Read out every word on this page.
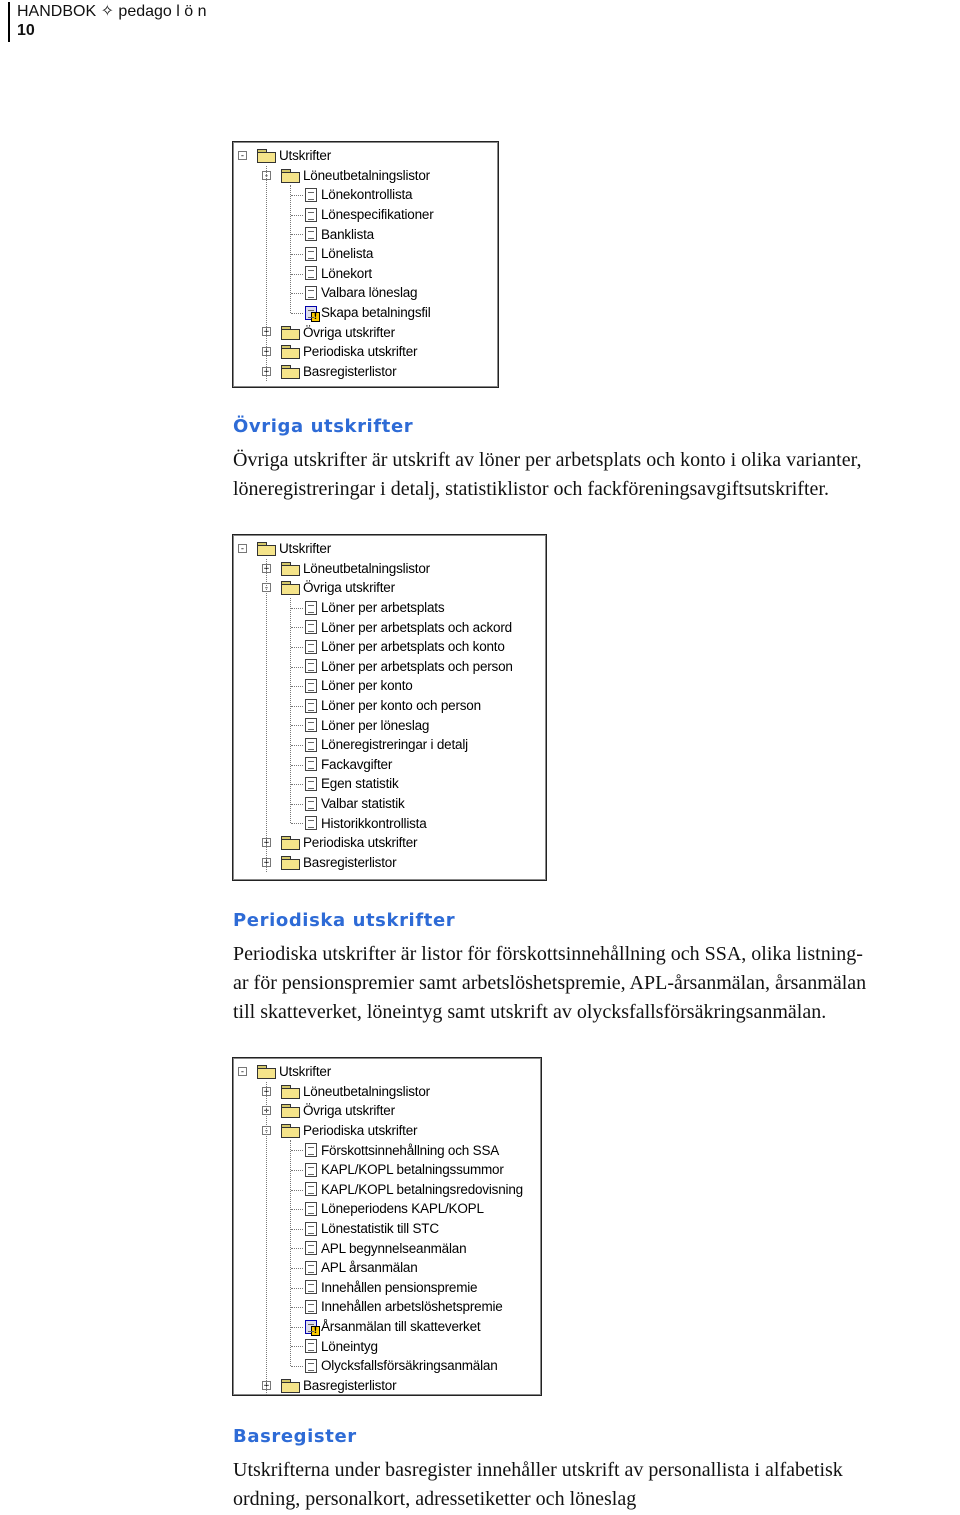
HANDBOK ✧ pedago l ö n
10
Utskrifter
-
Löneutbetalningslistor
-
Lönekontrollista
Lönespecifikationer
Banklista
Lönelista
Lönekort
Valbara löneslag
!
Skapa betalningsfil
Övriga utskrifter
+
Periodiska utskrifter
+
Basregisterlistor
+
Utskrifter
-
Löneutbetalningslistor
+
Övriga utskrifter
-
Löner per arbetsplats
Löner per arbetsplats och ackord
Löner per arbetsplats och konto
Löner per arbetsplats och person
Löner per konto
Löner per konto och person
Löner per löneslag
Löneregistreringar i detalj
Fackavgifter
Egen statistik
Valbar statistik
Historikkontrollista
Periodiska utskrifter
+
Basregisterlistor
+
Utskrifter
-
Löneutbetalningslistor
+
Övriga utskrifter
+
Periodiska utskrifter
-
Förskottsinnehållning och SSA
KAPL/KOPL betalningssummor
KAPL/KOPL betalningsredovisning
Löneperiodens KAPL/KOPL
Lönestatistik till STC
APL begynnelseanmälan
APL årsanmälan
Innehållen pensionspremie
Innehållen arbetslöshetspremie
!
Årsanmälan till skatteverket
Löneintyg
Olycksfallsförsäkringsanmälan
Basregisterlistor
+
Övriga utskrifter
Övriga utskrifter är utskrift av löner per arbetsplats och konto i olika varianter,
löneregistreringar i detalj, statistiklistor och fackföreningsavgiftsutskrifter.
Periodiska utskrifter
Periodiska utskrifter är listor för förskottsinnehållning och SSA, olika listning-
ar för pensionspremier samt arbetslöshetspremie, APL-årsanmälan, årsanmälan
till skatteverket, löneintyg samt utskrift av olycksfallsförsäkringsanmälan.
Basregister
Utskrifterna under basregister innehåller utskrift av personallista i alfabetisk
ordning, personalkort, adressetiketter och löneslag
